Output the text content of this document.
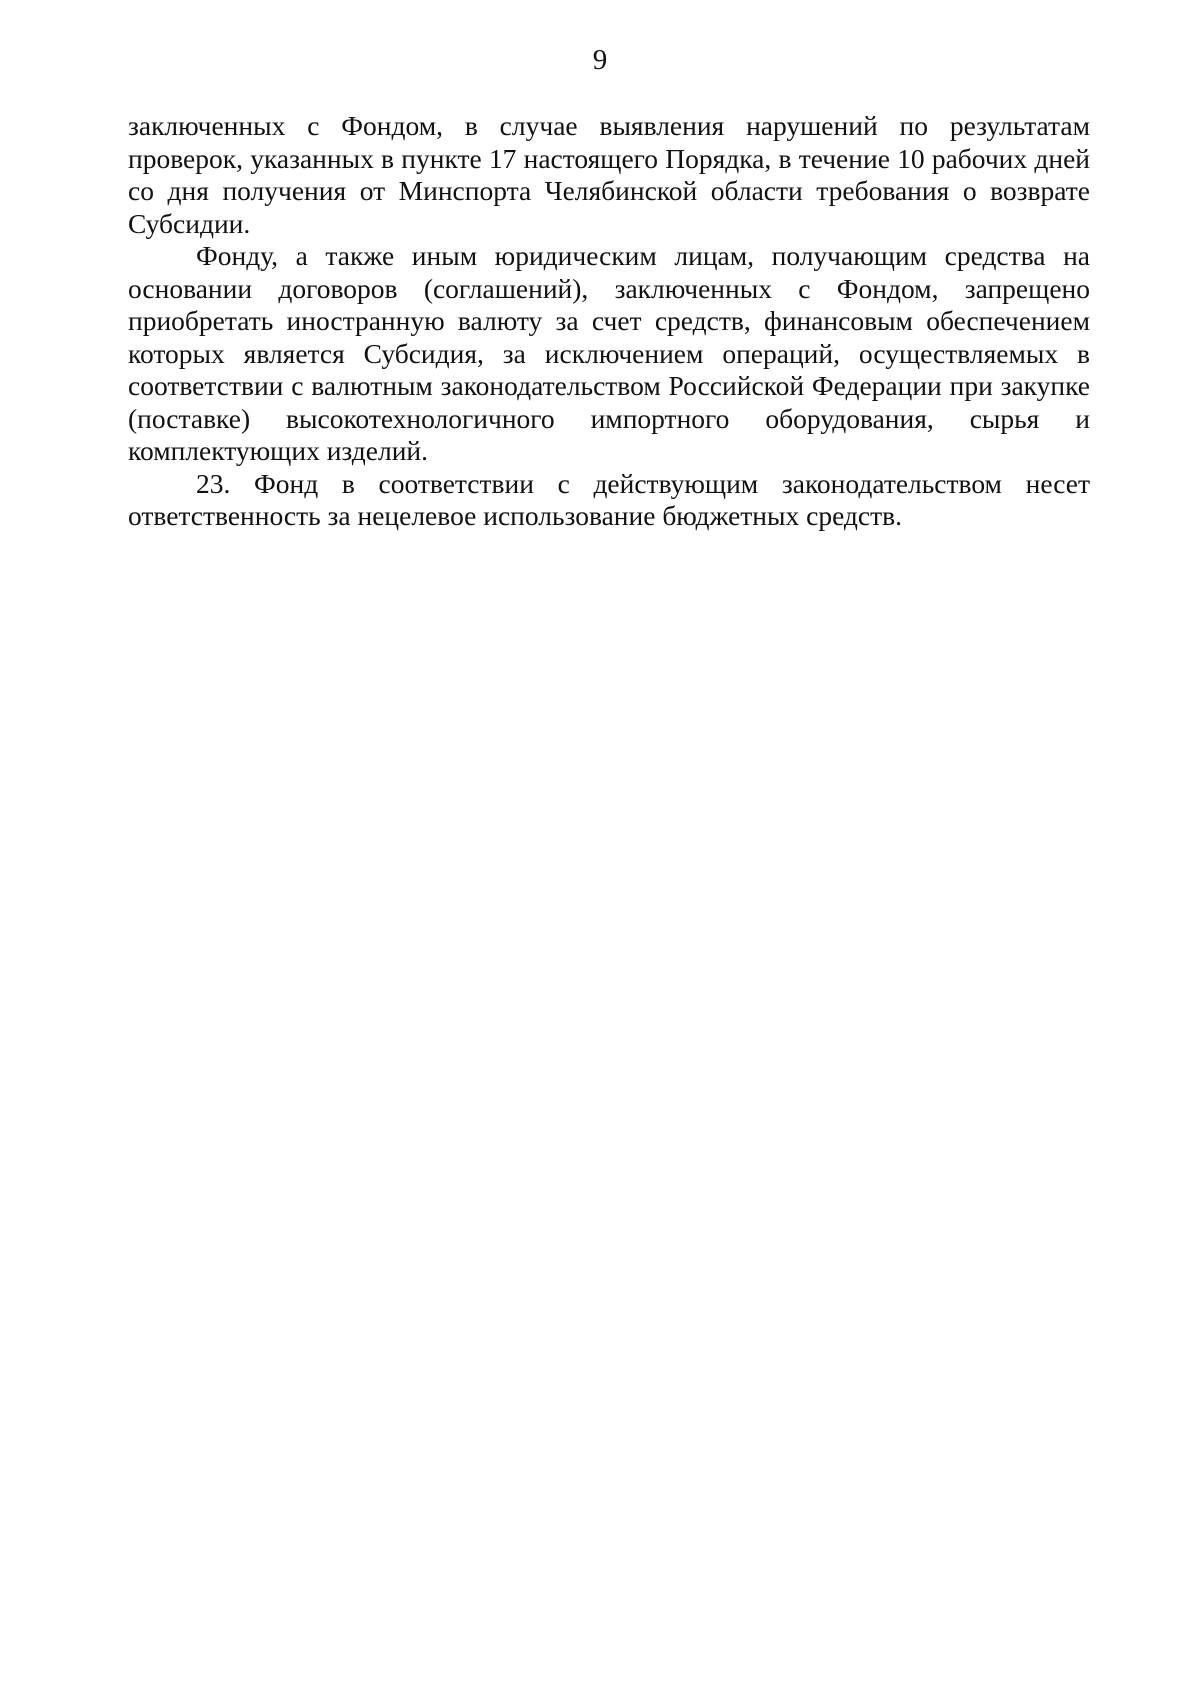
9

заключенных с Фондом, в случае выявления нарушений по результатам проверок, указанных в пункте 17 настоящего Порядка, в течение 10 рабочих дней со дня получения от Минспорта Челябинской области требования о возврате Субсидии.

Фонду, а также иным юридическим лицам, получающим средства на основании договоров (соглашений), заключенных с Фондом, запрещено приобретать иностранную валюту за счет средств, финансовым обеспечением которых является Субсидия, за исключением операций, осуществляемых в соответствии с валютным законодательством Российской Федерации при закупке (поставке) высокотехнологичного импортного оборудования, сырья и комплектующих изделий.

23. Фонд в соответствии с действующим законодательством несет ответственность за нецелевое использование бюджетных средств.
